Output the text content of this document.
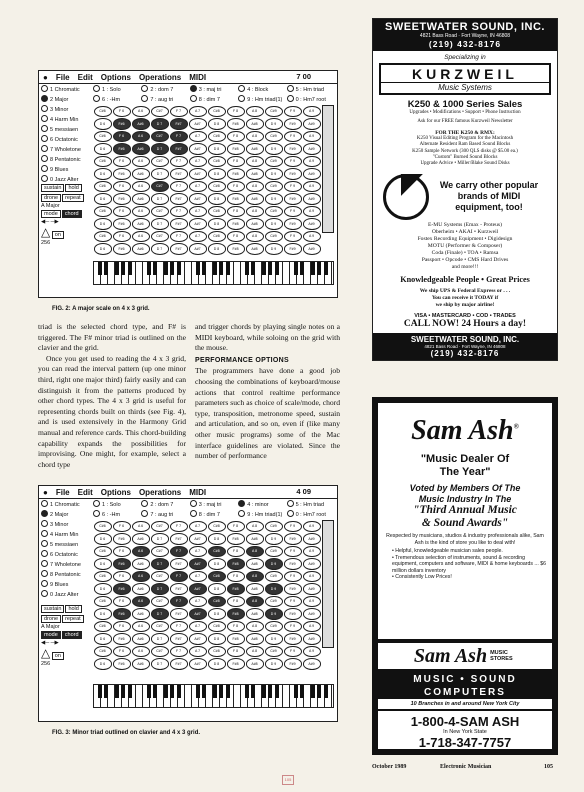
● File Edit Options Operations MIDI	7 00
1 Chromatic
2 Major
3 Minor
4 Harm Min
5 messiaen
6 Octatonic
7 Wholetone
8 Pentatonic
9 Blues
0 Jazz Alter
1 : Solo	2 : dom 7	3 : maj tri	4 : Block	5 : Hm triad
6 : -Hm	7 : aug tri	8 : dim 7	9 : Hm triad(1)	0 : Hm7 root
C#6	F 6	A 6	C#7	F 7	A 7	C#8	F 8	A 8	C#9	F 9	A 9
D 6	F#6	A#6	D 7	F#7	A#7	D 8	F#8	A#8	D 9	F#9	A#9
C#6	F 6	A 6	C#7	F 7	A 7	C#8	F 8	A 8	C#9	F 9	A 9
D 6	F#6	A#6	D 7	F#7	A#7	D 8	F#8	A#8	D 9	F#9	A#9
C#6	F 6	A 6	C#7	F 7	A 7	C#8	F 8	A 8	C#9	F 9	A 9
D 6	F#6	A#6	D 7	F#7	A#7	D 8	F#8	A#8	D 9	F#9	A#9
C#6	F 6	A 6	C#7	F 7	A 7	C#8	F 8	A 8	C#9	F 9	A 9
D 6	F#6	A#6	D 7	F#7	A#7	D 8	F#8	A#8	D 9	F#9	A#9
C#6	F 6	A 6	C#7	F 7	A 7	C#8	F 8	A 8	C#9	F 9	A 9
D 6	F#6	A#6	D 7	F#7	A#7	D 8	F#8	A#8	D 9	F#9	A#9
C#6	F 6	A 6	C#7	F 7	A 7	C#8	F 8	A 8	C#9	F 9	A 9
D 6	F#6	A#6	D 7	F#7	A#7	D 8	F#8	A#8	D 9	F#9	A#9
sustain hold
drone repeat
A Major
mode chord
◀─ ─▶
△ on
256
FIG. 2: A major scale on 4 x 3 grid.
● File Edit Options Operations MIDI	4 09
1 Chromatic
2 Major
3 Minor
4 Harm Min
5 messiaen
6 Octatonic
7 Wholetone
8 Pentatonic
9 Blues
0 Jazz Alter
1 : Solo	2 : dom 7	3 : maj tri	4 : minor	5 : Hm triad
6 : -Hm	7 : aug tri	8 : dim 7	9 : Hm triad(1)	0 : Hm7 root
C#6	F 6	A 6	C#7	F 7	A 7	C#8	F 8	A 8	C#9	F 9	A 9
D 6	F#6	A#6	D 7	F#7	A#7	D 8	F#8	A#8	D 9	F#9	A#9
C#6	F 6	A 6	C#7	F 7	A 7	C#8	F 8	A 8	C#9	F 9	A 9
D 6	F#6	A#6	D 7	F#7	A#7	D 8	F#8	A#8	D 9	F#9	A#9
C#6	F 6	A 6	C#7	F 7	A 7	C#8	F 8	A 8	C#9	F 9	A 9
D 6	F#6	A#6	D 7	F#7	A#7	D 8	F#8	A#8	D 9	F#9	A#9
C#6	F 6	A 6	C#7	F 7	A 7	C#8	F 8	A 8	C#9	F 9	A 9
D 6	F#6	A#6	D 7	F#7	A#7	D 8	F#8	A#8	D 9	F#9	A#9
C#6	F 6	A 6	C#7	F 7	A 7	C#8	F 8	A 8	C#9	F 9	A 9
D 6	F#6	A#6	D 7	F#7	A#7	D 8	F#8	A#8	D 9	F#9	A#9
C#6	F 6	A 6	C#7	F 7	A 7	C#8	F 8	A 8	C#9	F 9	A 9
D 6	F#6	A#6	D 7	F#7	A#7	D 8	F#8	A#8	D 9	F#9	A#9
sustain hold
drone repeat
A Major
mode chord
◀─ ─▶
△ on
256
FIG. 3: Minor triad outlined on clavier and 4 x 3 grid.

triad is the selected chord type, and F# is triggered. The F# minor triad is outlined on the clavier and the grid.

Once you get used to reading the 4 x 3 grid, you can read the interval pattern (up one minor third, right one major third) fairly easily and can distinguish it from the patterns produced by other chord types. The 4 x 3 grid is useful for representing chords built on thirds (see Fig. 4), and is used extensively in the Harmony Grid manual and reference cards. This chord-building capability expands the possibilities for improvising. One might, for example, select a chord type

and trigger chords by playing single notes on a MIDI keyboard, while soloing on the grid with the mouse.

PERFORMANCE OPTIONS

The programmers have done a good job choosing the combinations of keyboard/mouse actions that control realtime performance parameters such as choice of scale/mode, chord type, transposition, metronome speed, sustain and articulation, and so on, even if (like many other music programs) some of the Mac interface guidelines are violated. Since the number of performance

SWEETWATER SOUND, INC.
4821 Bass Road · Fort Wayne, IN 46808
(219) 432-8176
Specializing in
KURZWEIL
Music Systems
K250 & 1000 Series Sales
Upgrades • Modifications • Support • Phone Instruction
Ask for our FREE famous Kurzweil Newsletter
FOR THE K250 & RMX:
K250 Visual Editing Program for the Macintosh
Alternate Resident Ram Based Sound Blocks
K250 Sample Network (300 QLS disks @ $5.00 ea.)
"Custom" Burned Sound Blocks
Upgrade Advice • Miller/Blake Sound Disks
We carry other popular
brands of MIDI
equipment, too!
E-MU Systems (Emax - Proteus)
Oberheim • AKAI • Kurzweil
Fostex Recording Equipment • Digidesign
MOTU (Performer & Composer)
Coda (Finale) • TOA • Ramsa
Passport • Opcode • CMS Hard Drives
and more!!!
Knowledgeable People • Great Prices
We ship UPS & Federal Express or . . .
You can receive it TODAY if
we ship by major airline!
VISA • MASTERCARD • COD • TRADES
CALL NOW! 24 Hours a day!
SWEETWATER SOUND, INC.
4821 Bass Road · Fort Wayne, IN 46808
(219) 432-8176
Sam Ash®
"Music Dealer Of
The Year"
Voted by Members Of The
Music Industry In The
"Third Annual Music
& Sound Awards"
Respected by musicians, studios & industry professionals alike, Sam Ash is the kind of store you like to deal with!
• Helpful, knowledgeable musician sales people.
• Tremendous selection of instruments, sound & recording equipment, computers and software, MIDI & home keyboards ... $6 million dollars inventory
• Consistently Low Prices!
Sam Ash MUSIC STORES
MUSIC • SOUND
COMPUTERS
10 Branches in and around New York City
1-800-4-SAM ASH
In New York State
1-718-347-7757
October 1989	Electronic Musician	105
105
